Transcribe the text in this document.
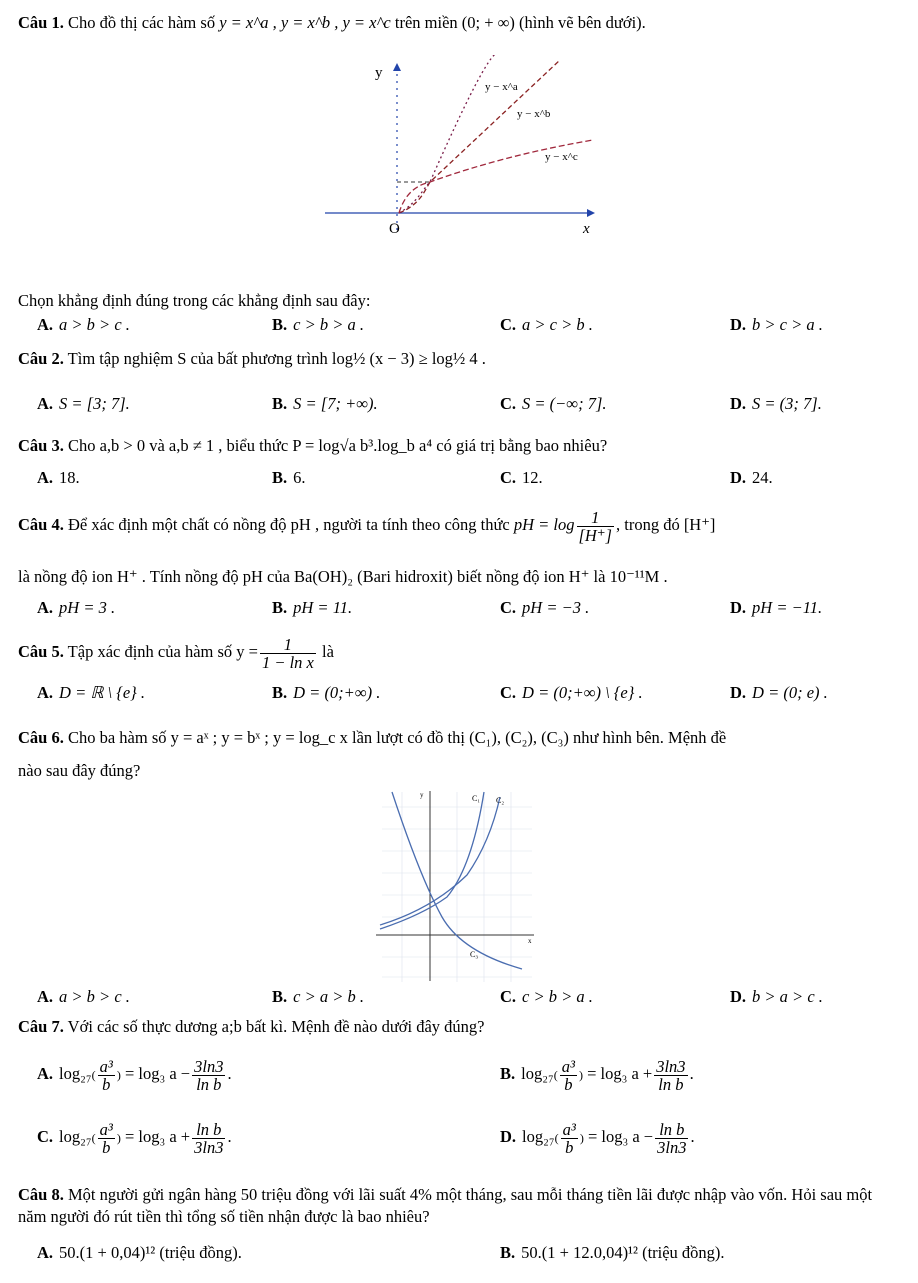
Câu 1. Cho đồ thị các hàm số y = x^a , y = x^b , y = x^c trên miền (0; + ∞) (hình vẽ bên dưới).
y
x
O
y − x^a
y − x^b
y − x^c
Chọn khẳng định đúng trong các khẳng định sau đây:
A. a > b > c .	B. c > b > a .	C. a > c > b .	D. b > c > a .
Câu 2. Tìm tập nghiệm S của bất phương trình log½ (x − 3) ≥ log½ 4 .
A. S = [3; 7].	B. S = [7; +∞).	C. S = (−∞; 7].	D. S = (3; 7].
Câu 3. Cho a,b > 0 và a,b ≠ 1 , biểu thức P = log√a b³.log_b a⁴ có giá trị bằng bao nhiêu?
A. 18.	B. 6.	C. 12.	D. 24.
Câu 4. Để xác định một chất có nồng độ pH , người ta tính theo công thức pH = $\log \frac{1}{[H^+]}$ , trong đó [H⁺]
là nồng độ ion H⁺ . Tính nồng độ pH của Ba(OH)₂ (Bari hidroxit) biết nồng độ ion H⁺ là 10⁻¹¹M .
A. pH = 3 .	B. pH = 11.	C. pH = −3 .	D. pH = −11.
Câu 5. Tập xác định của hàm số $y = \frac{1}{\text{1 − ln x}}$ là
A. D = ℝ \ {e} .	B. D = (0;+∞) .	C. D = (0;+∞) \ {e} .	D. D = (0; e) .
Câu 6. Cho ba hàm số y = aˣ ; y = bˣ ; y = log_c x lần lượt có đồ thị (C₁), (C₂), (C₃) như hình bên. Mệnh đề
nào sau đây đúng?
y
x
C₁ C₂
C₃
A. a > b > c .	B. c > a > b .	C. c > b > a .	D. b > a > c .
Câu 7. Với các số thực dương a;b bất kì. Mệnh đề nào dưới đây đúng?
A. $\log_{27}( \frac{\text{a³}}{b}$ ) = log₃ $a - \frac{3\ln 3}{\text{ln b}}$ .	B. $\log_{27}( \frac{\text{a³}}{b}$ ) = log₃ $a + \frac{3\ln 3}{\text{ln b}}$ .
C. $\log_{27}( \frac{\text{a³}}{b}$ ) = log₃ $a + \frac{\text{ln b}}{3\ln 3}$ .	D. $\log_{27}( \frac{\text{a³}}{b}$ ) = log₃ $a - \frac{\text{ln b}}{3\ln 3}$ .
Câu 8. Một người gửi ngân hàng 50 triệu đồng với lãi suất 4% một tháng, sau mỗi tháng tiền lãi được nhập vào vốn. Hỏi sau một năm người đó rút tiền thì tổng số tiền nhận được là bao nhiêu?
A. 50.(1 + 0,04)¹² (triệu đồng).	B. 50.(1 + 12.0,04)¹² (triệu đồng).
